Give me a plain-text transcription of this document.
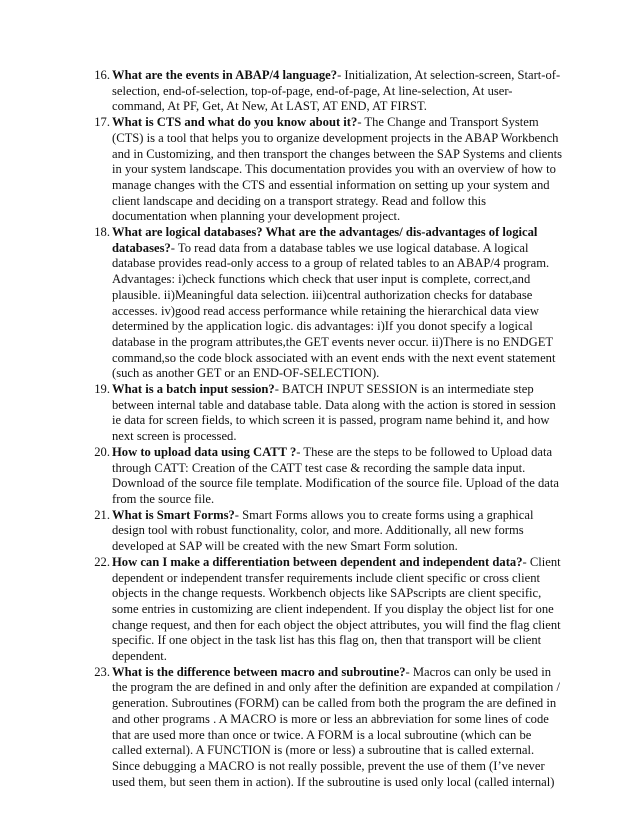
16. What are the events in ABAP/4 language?- Initialization, At selection-screen, Start-of-selection, end-of-selection, top-of-page, end-of-page, At line-selection, At user-command, At PF, Get, At New, At LAST, AT END, AT FIRST.
17. What is CTS and what do you know about it?- The Change and Transport System (CTS) is a tool that helps you to organize development projects in the ABAP Workbench and in Customizing, and then transport the changes between the SAP Systems and clients in your system landscape. This documentation provides you with an overview of how to manage changes with the CTS and essential information on setting up your system and client landscape and deciding on a transport strategy. Read and follow this documentation when planning your development project.
18. What are logical databases? What are the advantages/ dis-advantages of logical databases?- To read data from a database tables we use logical database. A logical database provides read-only access to a group of related tables to an ABAP/4 program. Advantages: i)check functions which check that user input is complete, correct,and plausible. ii)Meaningful data selection. iii)central authorization checks for database accesses. iv)good read access performance while retaining the hierarchical data view determined by the application logic. dis advantages: i)If you donot specify a logical database in the program attributes,the GET events never occur. ii)There is no ENDGET command,so the code block associated with an event ends with the next event statement (such as another GET or an END-OF-SELECTION).
19. What is a batch input session?- BATCH INPUT SESSION is an intermediate step between internal table and database table. Data along with the action is stored in session ie data for screen fields, to which screen it is passed, program name behind it, and how next screen is processed.
20. How to upload data using CATT ?- These are the steps to be followed to Upload data through CATT: Creation of the CATT test case & recording the sample data input. Download of the source file template. Modification of the source file. Upload of the data from the source file.
21. What is Smart Forms?- Smart Forms allows you to create forms using a graphical design tool with robust functionality, color, and more. Additionally, all new forms developed at SAP will be created with the new Smart Form solution.
22. How can I make a differentiation between dependent and independent data?- Client dependent or independent transfer requirements include client specific or cross client objects in the change requests. Workbench objects like SAPscripts are client specific, some entries in customizing are client independent. If you display the object list for one change request, and then for each object the object attributes, you will find the flag client specific. If one object in the task list has this flag on, then that transport will be client dependent.
23. What is the difference between macro and subroutine?- Macros can only be used in the program the are defined in and only after the definition are expanded at compilation / generation. Subroutines (FORM) can be called from both the program the are defined in and other programs . A MACRO is more or less an abbreviation for some lines of code that are used more than once or twice. A FORM is a local subroutine (which can be called external). A FUNCTION is (more or less) a subroutine that is called external. Since debugging a MACRO is not really possible, prevent the use of them (I’ve never used them, but seen them in action). If the subroutine is used only local (called internal)
